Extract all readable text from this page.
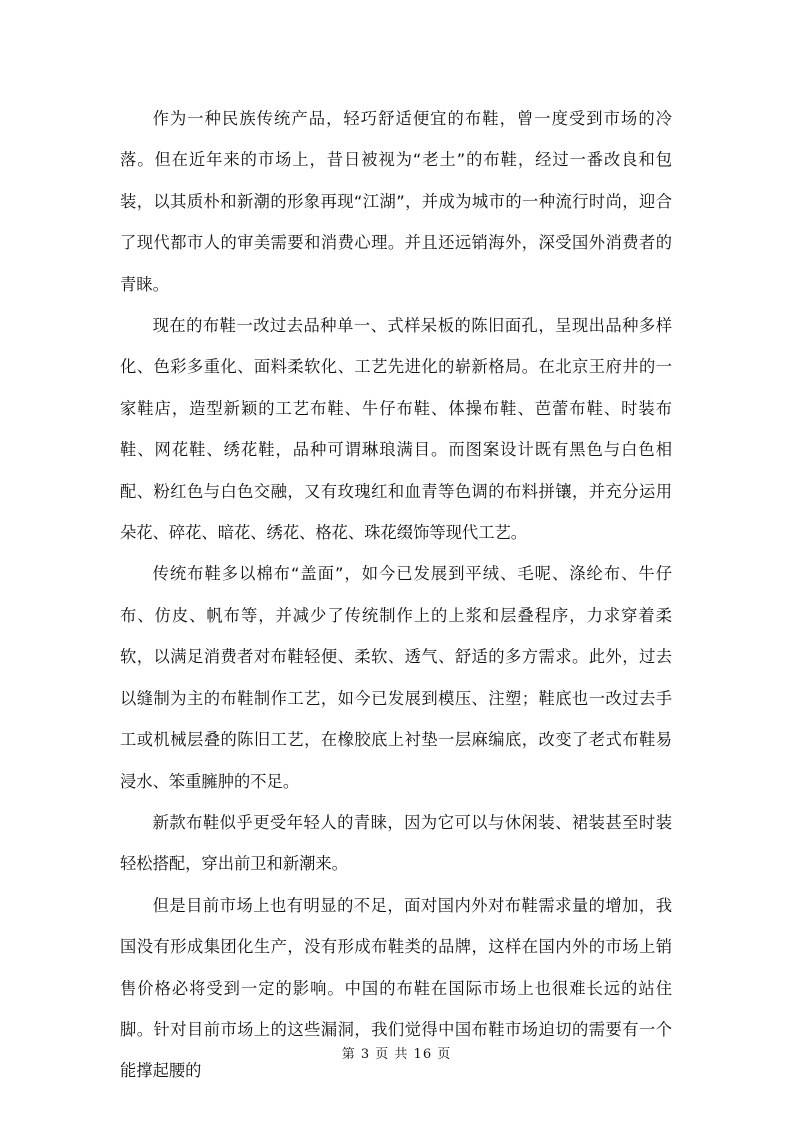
作为一种民族传统产品，轻巧舒适便宜的布鞋，曾一度受到市场的冷落。但在近年来的市场上，昔日被视为“老土”的布鞋，经过一番改良和包装，以其质朴和新潮的形象再现“江湖”，并成为城市的一种流行时尚，迎合了现代都市人的审美需要和消费心理。并且还远销海外，深受国外消费者的青睐。

现在的布鞋一改过去品种单一、式样呆板的陈旧面孔，呈现出品种多样化、色彩多重化、面料柔软化、工艺先进化的崭新格局。在北京王府井的一家鞋店，造型新颖的工艺布鞋、牛仔布鞋、体操布鞋、芭蕾布鞋、时装布鞋、网花鞋、绣花鞋，品种可谓琳琅满目。而图案设计既有黑色与白色相配、粉红色与白色交融，又有玫瑰红和血青等色调的布料拼镶，并充分运用朵花、碎花、暗花、绣花、格花、珠花缀饰等现代工艺。

传统布鞋多以棉布“盖面”，如今已发展到平绒、毛呢、涤纶布、牛仔布、仿皮、帆布等，并减少了传统制作上的上浆和层叠程序，力求穿着柔软，以满足消费者对布鞋轻便、柔软、透气、舒适的多方需求。此外，过去以缝制为主的布鞋制作工艺，如今已发展到模压、注塑；鞋底也一改过去手工或机械层叠的陈旧工艺，在橡胶底上衬垫一层麻编底，改变了老式布鞋易浸水、笨重臃肿的不足。

新款布鞋似乎更受年轻人的青睐，因为它可以与休闲装、裙装甚至时装轻松搭配，穿出前卫和新潮来。

但是目前市场上也有明显的不足，面对国内外对布鞋需求量的增加，我国没有形成集团化生产，没有形成布鞋类的品牌，这样在国内外的市场上销售价格必将受到一定的影响。中国的布鞋在国际市场上也很难长远的站住脚。针对目前市场上的这些漏洞，我们觉得中国布鞋市场迫切的需要有一个能撑起腰的

第 3 页 共 16 页
